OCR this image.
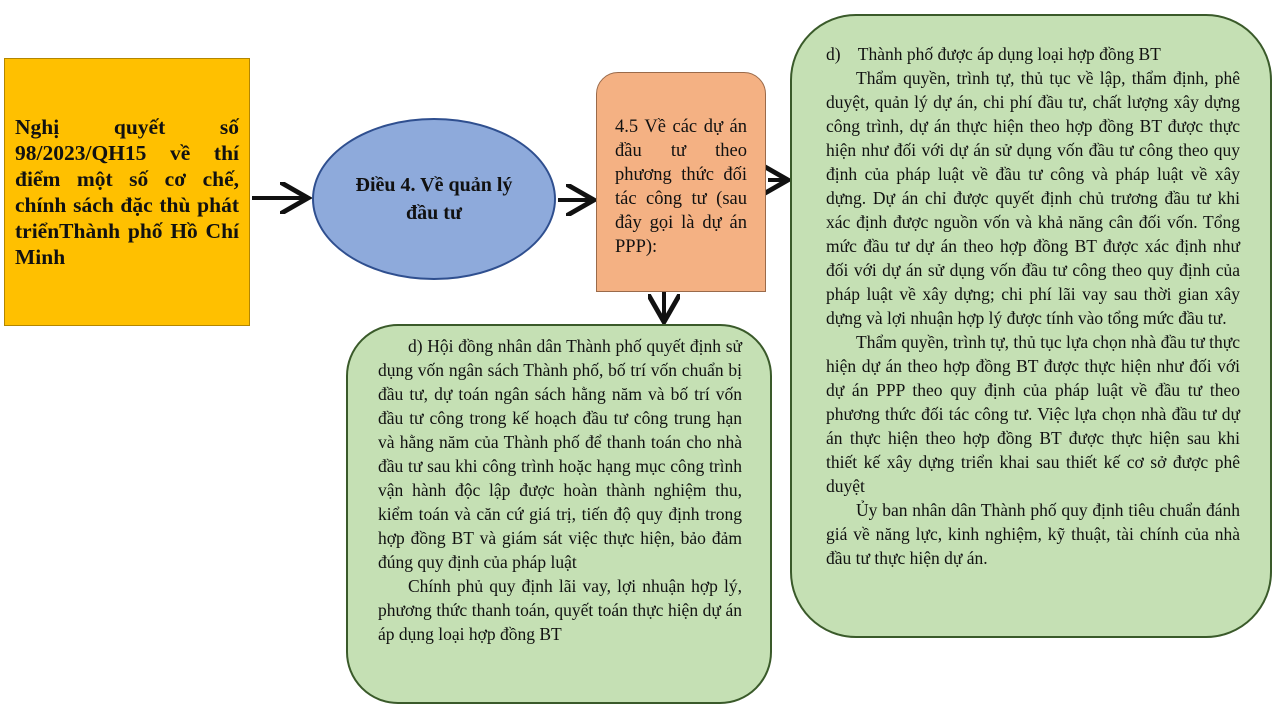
Nghị quyết số 98/2023/QH15 về thí điểm một số cơ chế, chính sách đặc thù phát triểnThành phố Hồ Chí Minh

Điều 4. Về quản lý đầu tư

4.5 Về các dự án đầu tư theo phương thức đối tác công tư (sau đây gọi là dự án PPP):

d) Hội đồng nhân dân Thành phố quyết định sử dụng vốn ngân sách Thành phố, bố trí vốn chuẩn bị đầu tư, dự toán ngân sách hằng năm và bố trí vốn đầu tư công trong kế hoạch đầu tư công trung hạn và hằng năm của Thành phố để thanh toán cho nhà đầu tư sau khi công trình hoặc hạng mục công trình vận hành độc lập được hoàn thành nghiệm thu, kiểm toán và căn cứ giá trị, tiến độ quy định trong hợp đồng BT và giám sát việc thực hiện, bảo đảm đúng quy định của pháp luật

Chính phủ quy định lãi vay, lợi nhuận hợp lý, phương thức thanh toán, quyết toán thực hiện dự án áp dụng loại hợp đồng BT

d)    Thành phố được áp dụng loại hợp đồng BT

Thẩm quyền, trình tự, thủ tục về lập, thẩm định, phê duyệt, quản lý dự án, chi phí đầu tư, chất lượng xây dựng công trình, dự án thực hiện theo hợp đồng BT được thực hiện như đối với dự án sử dụng vốn đầu tư công theo quy định của pháp luật về đầu tư công và pháp luật về xây dựng. Dự án chỉ được quyết định chủ trương đầu tư khi xác định được nguồn vốn và khả năng cân đối vốn. Tổng mức đầu tư dự án theo hợp đồng BT được xác định như đối với dự án sử dụng vốn đầu tư công theo quy định của pháp luật về xây dựng; chi phí lãi vay sau thời gian xây dựng và lợi nhuận hợp lý được tính vào tổng mức đầu tư.

Thẩm quyền, trình tự, thủ tục lựa chọn nhà đầu tư thực hiện dự án theo hợp đồng BT được thực hiện như đối với dự án PPP theo quy định của pháp luật về đầu tư theo phương thức đối tác công tư. Việc lựa chọn nhà đầu tư dự án thực hiện theo hợp đồng BT được thực hiện sau khi thiết kế xây dựng triển khai sau thiết kế cơ sở được phê duyệt

Ủy ban nhân dân Thành phố quy định tiêu chuẩn đánh giá về năng lực, kinh nghiệm, kỹ thuật, tài chính của nhà đầu tư thực hiện dự án.
